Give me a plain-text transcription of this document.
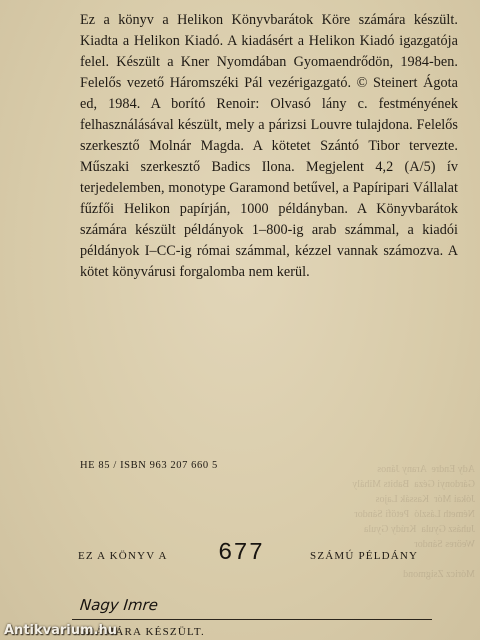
Ady Endre  Arany János
Gárdonyi Géza  Babits Mihály
Jókai Mór  Kassák Lajos
Németh László  Petőfi Sándor
Juhász Gyula  Krúdy Gyula
Weöres Sándor

Móricz Zsigmond

Ez a könyv a Helikon Könyvbarátok Köre számára készült. Kiadta a Helikon Kiadó. A kiadásért a Helikon Kiadó igazgatója felel. Készült a Kner Nyomdában Gyomaendrődön, 1984-ben. Felelős vezető Háromszéki Pál vezérigazgató. © Steinert Ágota ed, 1984. A borító Renoir: Olvasó lány c. festményének felhasználásával készült, mely a párizsi Louvre tulajdona. Felelős szerkesztő Molnár Magda. A kötetet Szántó Tibor tervezte. Műszaki szerkesztő Badics Ilona. Megjelent 4,2 (A/5) ív terjedelemben, monotype Garamond betűvel, a Papíripari Vállalat fűzfői Helikon papírján, 1000 példányban. A Könyvbarátok számára készült példányok 1–800-ig arab számmal, a kiadói példányok I–CC-ig római számmal, kézzel vannak számozva. A kötet könyvárusi forgalomba nem kerül.

HE 85 / ISBN 963 207 660 5
EZ A KÖNYV A 677	SZÁMÚ PÉLDÁNY
Nagy Imre
SZÁMÁRA KÉSZÜLT.
Antikvarium.hu
